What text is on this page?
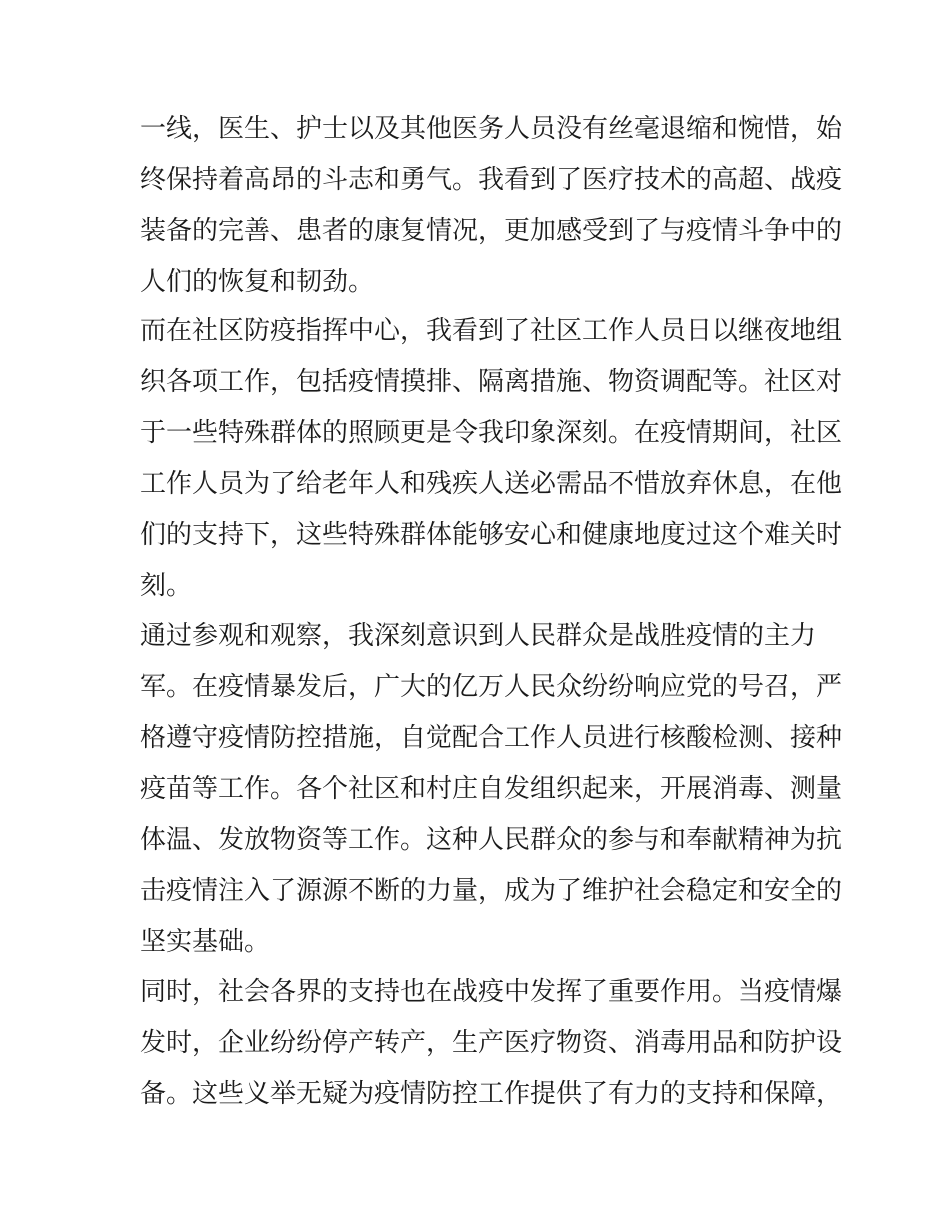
一线，医生、护士以及其他医务人员没有丝毫退缩和惋惜，始
终保持着高昂的斗志和勇气。我看到了医疗技术的高超、战疫
装备的完善、患者的康复情况，更加感受到了与疫情斗争中的
人们的恢复和韧劲。
而在社区防疫指挥中心，我看到了社区工作人员日以继夜地组
织各项工作，包括疫情摸排、隔离措施、物资调配等。社区对
于一些特殊群体的照顾更是令我印象深刻。在疫情期间，社区
工作人员为了给老年人和残疾人送必需品不惜放弃休息，在他
们的支持下，这些特殊群体能够安心和健康地度过这个难关时
刻。
通过参观和观察，我深刻意识到人民群众是战胜疫情的主力
军。在疫情暴发后，广大的亿万人民众纷纷响应党的号召，严
格遵守疫情防控措施，自觉配合工作人员进行核酸检测、接种
疫苗等工作。各个社区和村庄自发组织起来，开展消毒、测量
体温、发放物资等工作。这种人民群众的参与和奉献精神为抗
击疫情注入了源源不断的力量，成为了维护社会稳定和安全的
坚实基础。
同时，社会各界的支持也在战疫中发挥了重要作用。当疫情爆
发时，企业纷纷停产转产，生产医疗物资、消毒用品和防护设
备。这些义举无疑为疫情防控工作提供了有力的支持和保障，
